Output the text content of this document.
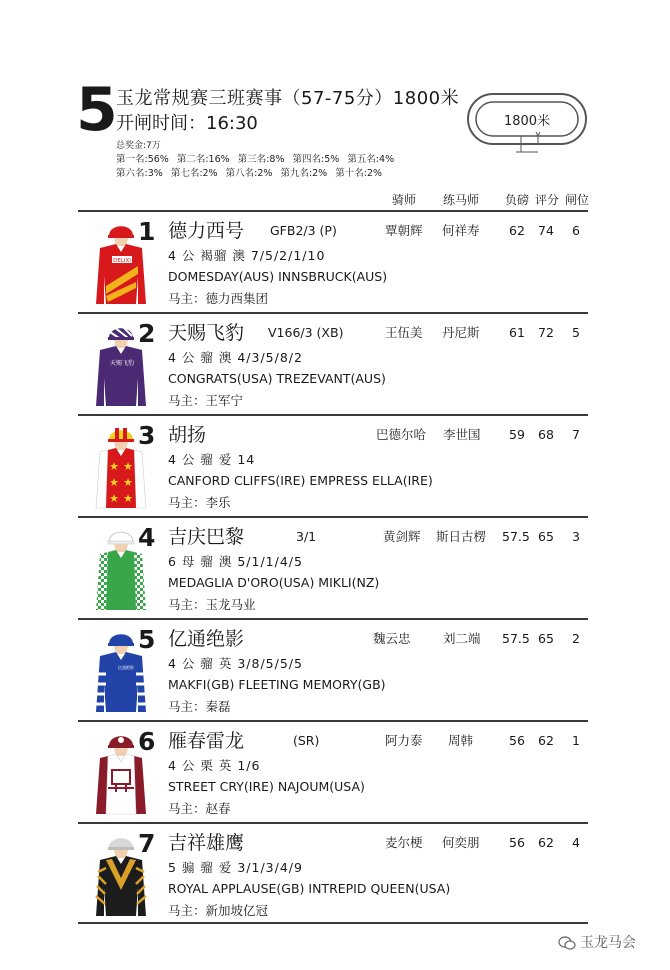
5
玉龙常规赛三班赛事（57-75分）1800米
开闸时间：16:30
总奖金:7万
第一名:56% 第二名:16% 第三名:8% 第四名:5% 第五名:4%
第六名:3% 第七名:2% 第八名:2% 第九名:2% 第十名:2%
1800米
骑师 练马师 负磅 评分 闸位
DELIXI
1 德力西号 GFB2/3 (P)	覃朝辉 何祥寿 62 74 6
4 公 褐骝 澳 7/5/2/1/10
DOMESDAY(AUS) INNSBRUCK(AUS)
马主：德力西集团
天赐飞豹
2 天赐飞豹 V166/3 (XB)	王伍美 丹尼斯 61 72 5
4 公 骝 澳 4/3/5/8/2
CONGRATS(USA) TREZEVANT(AUS)
马主：王军宁
★ ★
★ ★
★ ★
3 胡扬	巴德尔哈 李世国 59 68 7
4 公 骝 爱 14
CANFORD CLIFFS(IRE) EMPRESS ELLA(IRE)
马主：李乐
4 吉庆巴黎	3/1	黄剑辉 斯日古楞 57.5 65 3
6 母 骝 澳 5/1/1/4/5
MEDAGLIA D'ORO(USA) MIKLI(NZ)
马主：玉龙马业
亿通绝影
5 亿通绝影	魏云忠	刘二端 57.5 65 2
4 公 骝 英 3/8/5/5/5
MAKFI(GB) FLEETING MEMORY(GB)
马主：秦磊
6 雁春雷龙	(SR)	阿力泰 周韩	56 62 1
4 公 栗 英 1/6
STREET CRY(IRE) NAJOUM(USA)
马主：赵春
7 吉祥雄鹰	麦尔梗 何奕朋 56 62 4
5 骟 骝 爱 3/1/3/4/9
ROYAL APPLAUSE(GB) INTREPID QUEEN(USA)
马主：新加坡亿冠
玉龙马会
